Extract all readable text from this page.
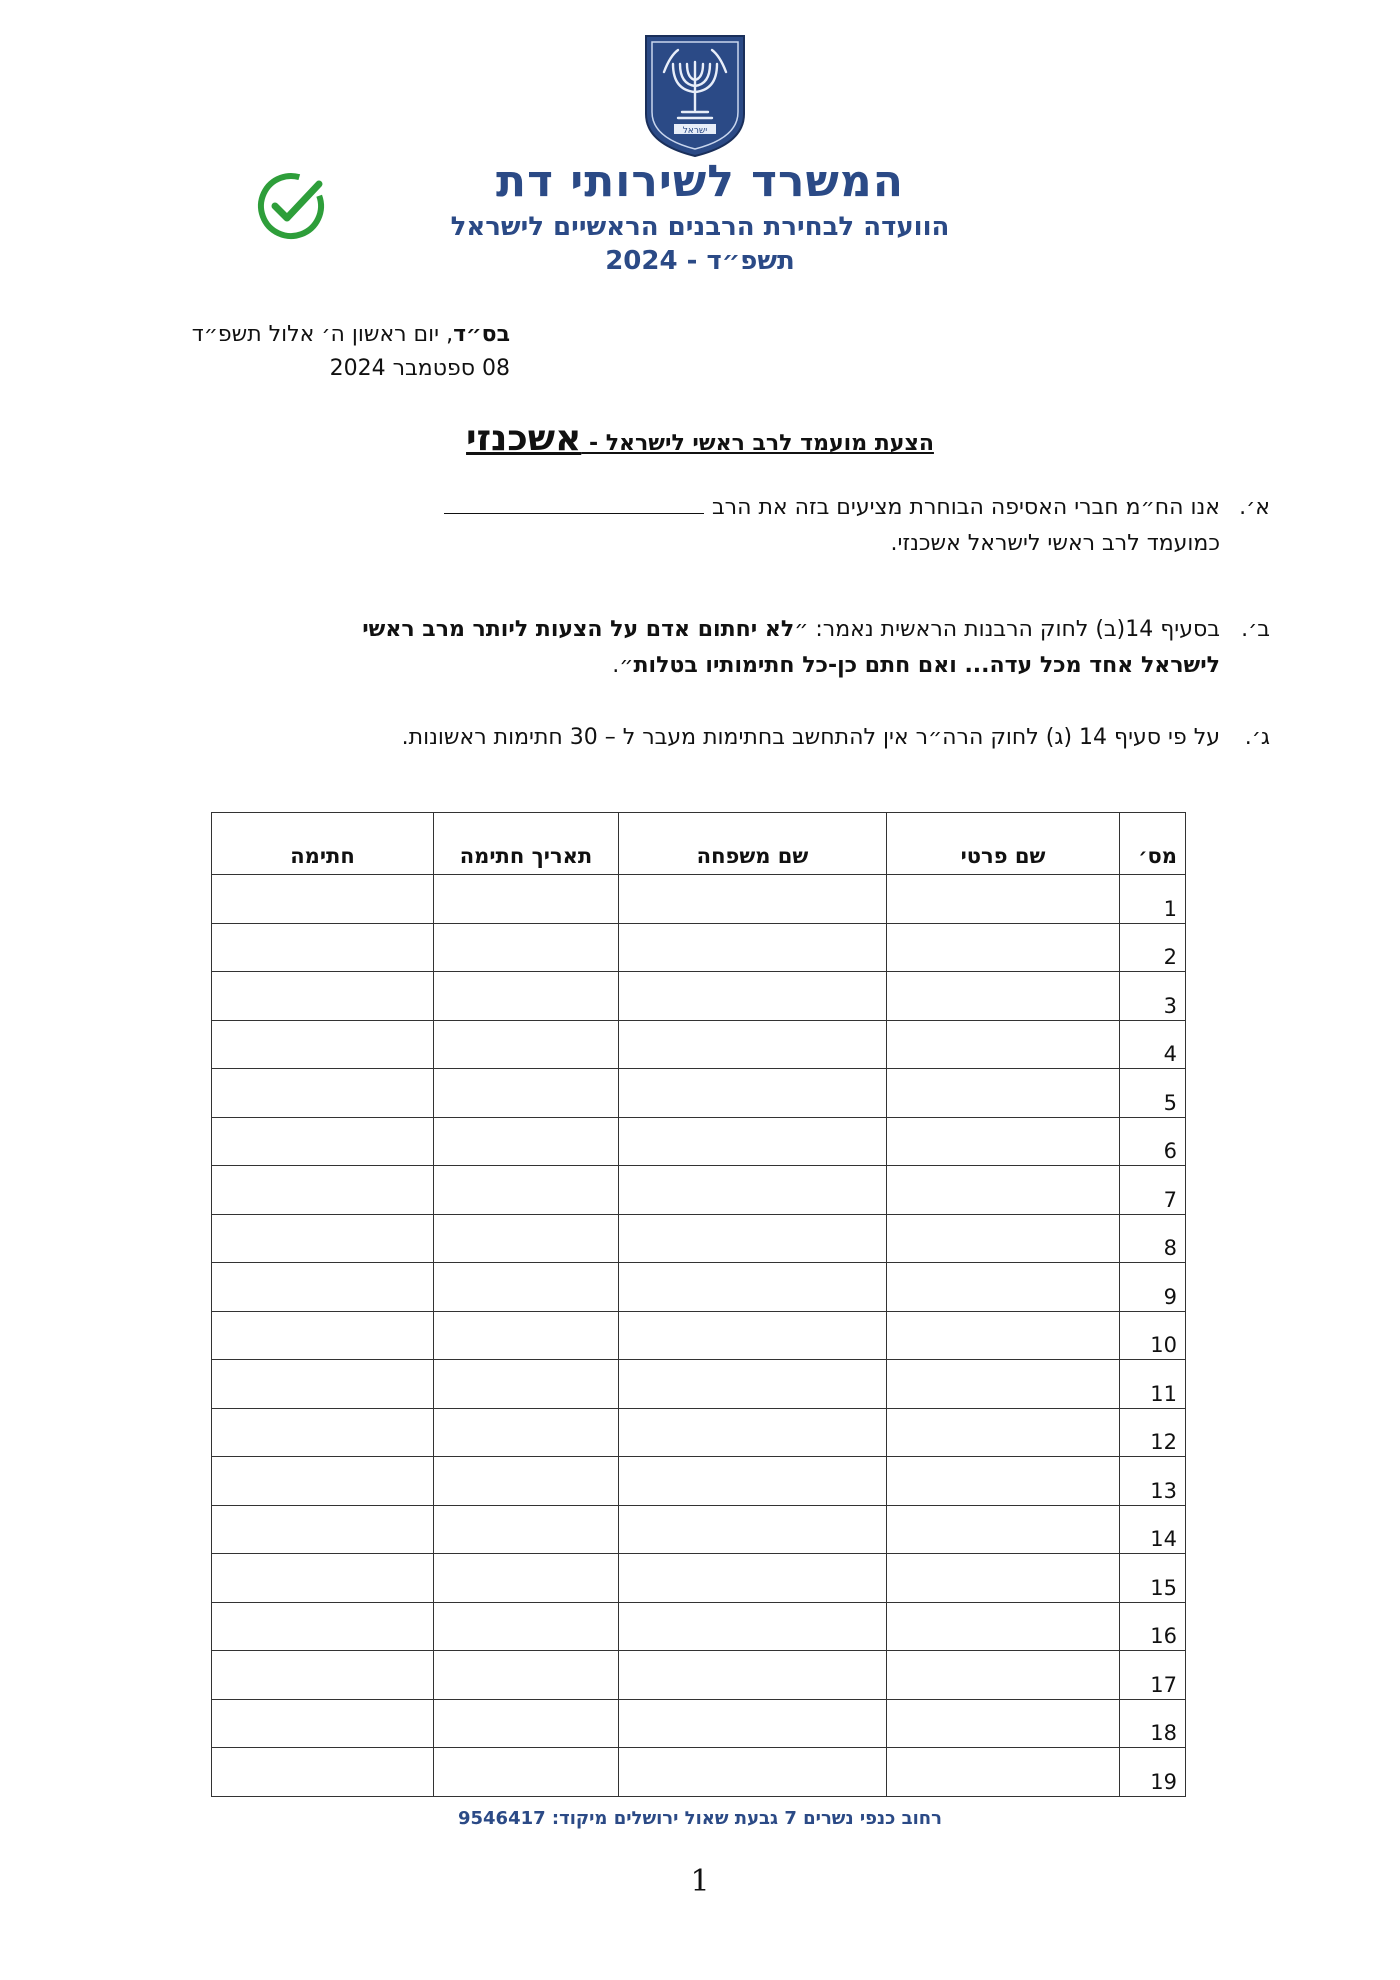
ישראל
המשרד לשירותי דת
הוועדה לבחירת הרבנים הראשיים לישראל
תשפ״ד - 2024
בס״ד, יום ראשון ה׳ אלול תשפ״ד
08 ספטמבר 2024
הצעת מועמד לרב ראשי לישראל - אשכנזי
א׳.
אנו הח״מ חברי האסיפה הבוחרת מציעים בזה את הרב
כמועמד לרב ראשי לישראל אשכנזי.
ב׳.
בסעיף 14(ב) לחוק הרבנות הראשית נאמר: ״לא יחתום אדם על הצעות ליותר מרב ראשי לישראל אחד מכל עדה... ואם חתם כן-כל חתימותיו בטלות״.
ג׳.
על פי סעיף 14 (ג) לחוק הרה״ר אין להתחשב בחתימות מעבר ל – 30 חתימות ראשונות.
מס׳	שם פרטי	שם משפחה	תאריך חתימה	חתימה
1				
2				
3				
4				
5				
6				
7				
8				
9				
10				
11				
12				
13				
14				
15				
16				
17				
18				
19				
רחוב כנפי נשרים 7 גבעת שאול ירושלים מיקוד: 9546417
1
